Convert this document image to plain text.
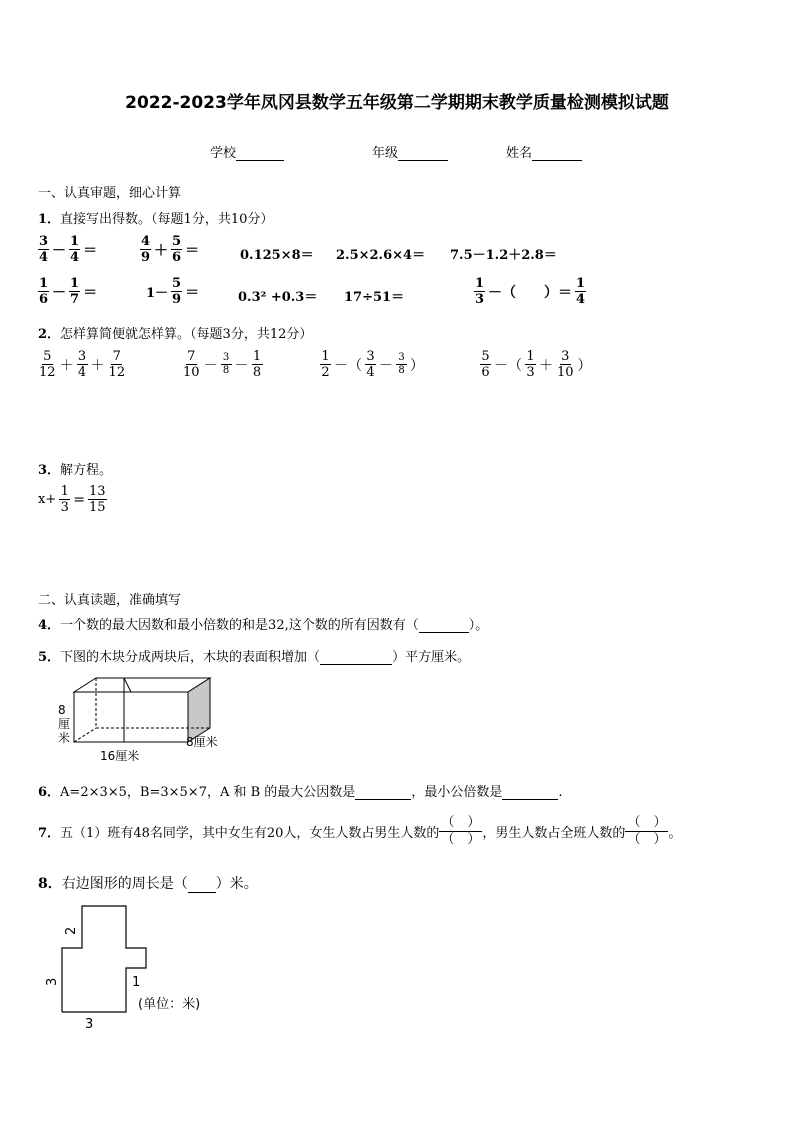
2022-2023学年凤冈县数学五年级第二学期期末教学质量检测模拟试题
学校	年级	姓名
一、认真审题，细心计算
1．直接写出得数。（每题1分，共10分）
$\frac{3}{4} - \frac{1}{4}$ ＝	$\frac{4}{9} + \frac{5}{6}$ ＝	0.125×8＝ 2.5×2.6×4＝ 7.5－1.2＋2.8＝
$\frac{1}{6} - \frac{1}{7}$ ＝	$1- \frac{5}{9}$ ＝	0.3² +0.3＝ 17÷51＝	$\frac{1}{3}$ －（ ）＝ $\frac{1}{4}$
2．怎样算简便就怎样算。（每题3分，共12分）
$\frac{5}{12} + \frac{3}{4} + \frac{7}{12}$	$\frac{7}{10} - \frac{3}{8} - \frac{1}{8}$	$\frac{1}{2}$ －（ $\frac{3}{4} - \frac{3}{8}$ ）	$\frac{5}{6}$ －（ $\frac{1}{3} + \frac{3}{10}$ ）
3．解方程。
$x+ \frac{1}{3} = \frac{13}{15}$
二、认真读题，准确填写
4．一个数的最大因数和最小倍数的和是32,这个数的所有因数有（	）。
5．下图的木块分成两块后，木块的表面积增加（	）平方厘米。
8
厘
米
16厘米
8厘米
6．A=2×3×5，B=3×5×7，A 和 B 的最大公因数是	，最小公倍数是	.
7． 五（1）班有48名同学，其中女生有20人，女生人数占男生人数的 $\frac{( )}{( )}$ ，男生人数占全班人数的 $\frac{( )}{( )}$ 。
8．右边图形的周长是（ ）米。
2
3	1
3
(单位：米)
